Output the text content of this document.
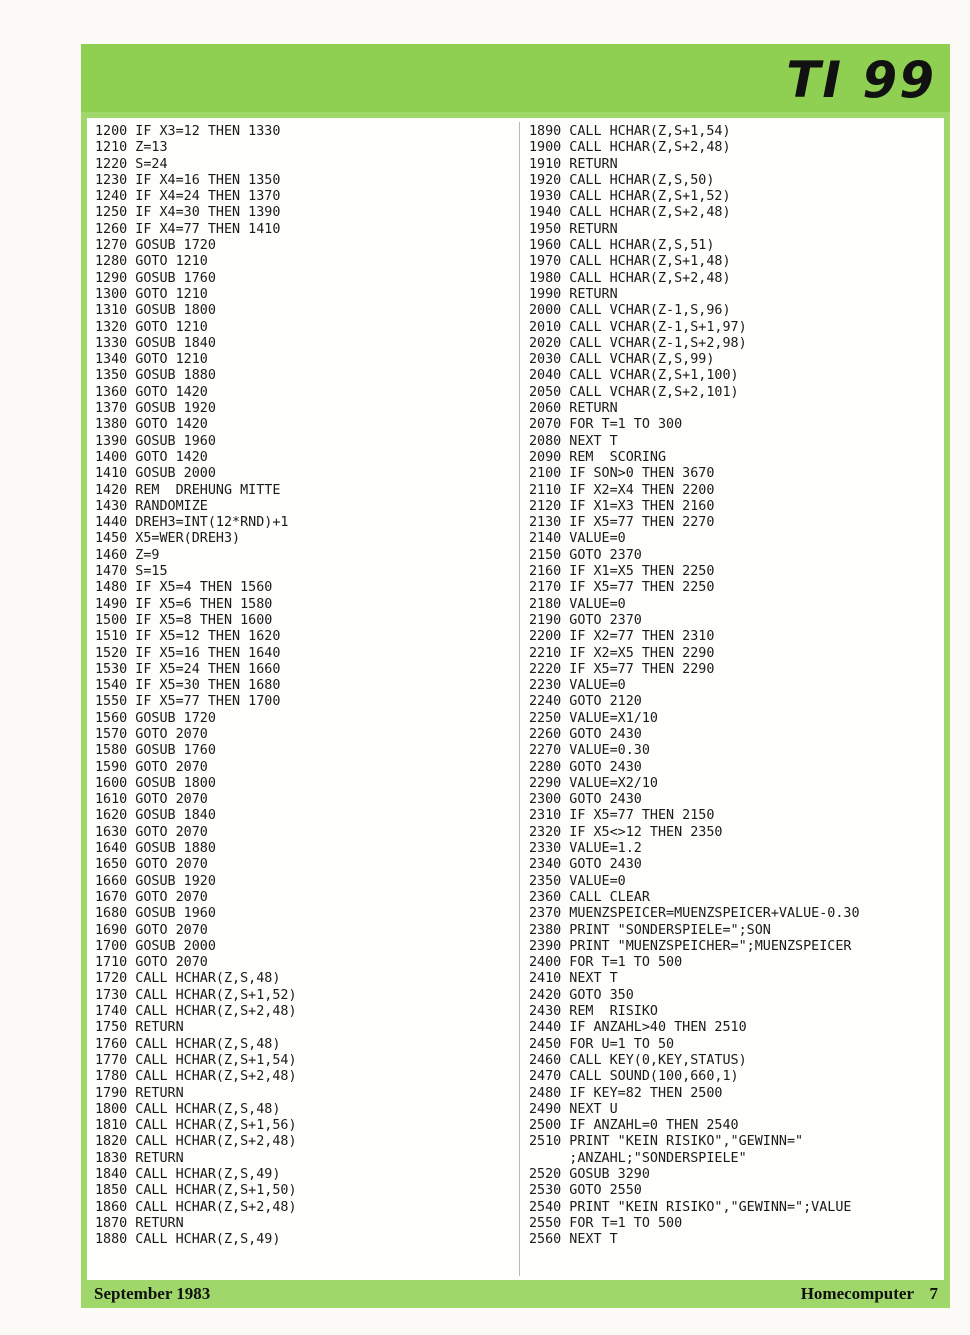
TI 99
1200 IF X3=12 THEN 1330
1210 Z=13
1220 S=24
1230 IF X4=16 THEN 1350
1240 IF X4=24 THEN 1370
1250 IF X4=30 THEN 1390
1260 IF X4=77 THEN 1410
1270 GOSUB 1720
1280 GOTO 1210
1290 GOSUB 1760
1300 GOTO 1210
1310 GOSUB 1800
1320 GOTO 1210
1330 GOSUB 1840
1340 GOTO 1210
1350 GOSUB 1880
1360 GOTO 1420
1370 GOSUB 1920
1380 GOTO 1420
1390 GOSUB 1960
1400 GOTO 1420
1410 GOSUB 2000
1420 REM  DREHUNG MITTE
1430 RANDOMIZE
1440 DREH3=INT(12*RND)+1
1450 X5=WER(DREH3)
1460 Z=9
1470 S=15
1480 IF X5=4 THEN 1560
1490 IF X5=6 THEN 1580
1500 IF X5=8 THEN 1600
1510 IF X5=12 THEN 1620
1520 IF X5=16 THEN 1640
1530 IF X5=24 THEN 1660
1540 IF X5=30 THEN 1680
1550 IF X5=77 THEN 1700
1560 GOSUB 1720
1570 GOTO 2070
1580 GOSUB 1760
1590 GOTO 2070
1600 GOSUB 1800
1610 GOTO 2070
1620 GOSUB 1840
1630 GOTO 2070
1640 GOSUB 1880
1650 GOTO 2070
1660 GOSUB 1920
1670 GOTO 2070
1680 GOSUB 1960
1690 GOTO 2070
1700 GOSUB 2000
1710 GOTO 2070
1720 CALL HCHAR(Z,S,48)
1730 CALL HCHAR(Z,S+1,52)
1740 CALL HCHAR(Z,S+2,48)
1750 RETURN
1760 CALL HCHAR(Z,S,48)
1770 CALL HCHAR(Z,S+1,54)
1780 CALL HCHAR(Z,S+2,48)
1790 RETURN
1800 CALL HCHAR(Z,S,48)
1810 CALL HCHAR(Z,S+1,56)
1820 CALL HCHAR(Z,S+2,48)
1830 RETURN
1840 CALL HCHAR(Z,S,49)
1850 CALL HCHAR(Z,S+1,50)
1860 CALL HCHAR(Z,S+2,48)
1870 RETURN
1880 CALL HCHAR(Z,S,49)
1890 CALL HCHAR(Z,S+1,54)
1900 CALL HCHAR(Z,S+2,48)
1910 RETURN
1920 CALL HCHAR(Z,S,50)
1930 CALL HCHAR(Z,S+1,52)
1940 CALL HCHAR(Z,S+2,48)
1950 RETURN
1960 CALL HCHAR(Z,S,51)
1970 CALL HCHAR(Z,S+1,48)
1980 CALL HCHAR(Z,S+2,48)
1990 RETURN
2000 CALL VCHAR(Z-1,S,96)
2010 CALL VCHAR(Z-1,S+1,97)
2020 CALL VCHAR(Z-1,S+2,98)
2030 CALL VCHAR(Z,S,99)
2040 CALL VCHAR(Z,S+1,100)
2050 CALL VCHAR(Z,S+2,101)
2060 RETURN
2070 FOR T=1 TO 300
2080 NEXT T
2090 REM  SCORING
2100 IF SON>0 THEN 3670
2110 IF X2=X4 THEN 2200
2120 IF X1=X3 THEN 2160
2130 IF X5=77 THEN 2270
2140 VALUE=0
2150 GOTO 2370
2160 IF X1=X5 THEN 2250
2170 IF X5=77 THEN 2250
2180 VALUE=0
2190 GOTO 2370
2200 IF X2=77 THEN 2310
2210 IF X2=X5 THEN 2290
2220 IF X5=77 THEN 2290
2230 VALUE=0
2240 GOTO 2120
2250 VALUE=X1/10
2260 GOTO 2430
2270 VALUE=0.30
2280 GOTO 2430
2290 VALUE=X2/10
2300 GOTO 2430
2310 IF X5=77 THEN 2150
2320 IF X5<>12 THEN 2350
2330 VALUE=1.2
2340 GOTO 2430
2350 VALUE=0
2360 CALL CLEAR
2370 MUENZSPEICER=MUENZSPEICER+VALUE-0.30
2380 PRINT "SONDERSPIELE=";SON
2390 PRINT "MUENZSPEICHER=";MUENZSPEICER
2400 FOR T=1 TO 500
2410 NEXT T
2420 GOTO 350
2430 REM  RISIKO
2440 IF ANZAHL>40 THEN 2510
2450 FOR U=1 TO 50
2460 CALL KEY(0,KEY,STATUS)
2470 CALL SOUND(100,660,1)
2480 IF KEY=82 THEN 2500
2490 NEXT U
2500 IF ANZAHL=0 THEN 2540
2510 PRINT "KEIN RISIKO","GEWINN="
;ANZAHL;"SONDERSPIELE"
2520 GOSUB 3290
2530 GOTO 2550
2540 PRINT "KEIN RISIKO","GEWINN=";VALUE
2550 FOR T=1 TO 500
2560 NEXT T
September 1983	Homecomputer 7
